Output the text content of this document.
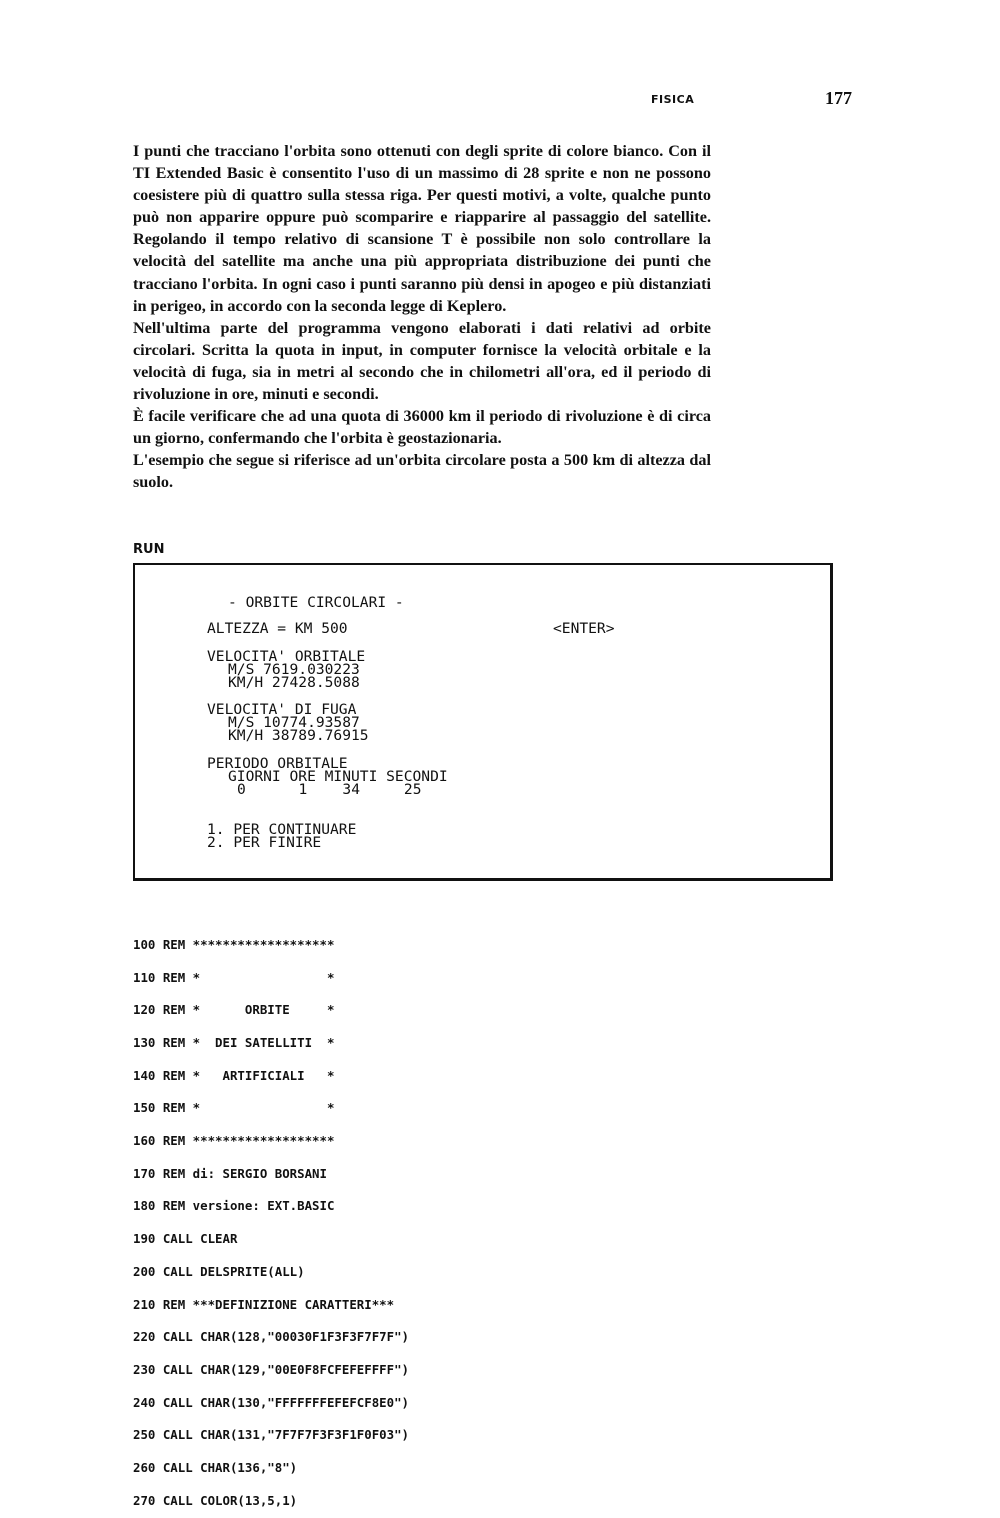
FISICA	177

I punti che tracciano l'orbita sono ottenuti con degli sprite di colore bianco. Con il TI Extended Basic è consentito l'uso di un massimo di 28 sprite e non ne possono coesistere più di quattro sulla stessa riga. Per questi motivi, a volte, qualche punto può non apparire oppure può scomparire e riapparire al passaggio del satellite. Regolando il tempo relativo di scansione T è possibile non solo controllare la velocità del satellite ma anche una più appropriata distribuzione dei punti che tracciano l'orbita. In ogni caso i punti saranno più densi in apogeo e più distanziati in perigeo, in accordo con la seconda legge di Keplero.

Nell'ultima parte del programma vengono elaborati i dati relativi ad orbite circolari. Scritta la quota in input, in computer fornisce la velocità orbitale e la velocità di fuga, sia in metri al secondo che in chilometri all'ora, ed il periodo di rivoluzione in ore, minuti e secondi.

È facile verificare che ad una quota di 36000 km il periodo di rivoluzione è di circa un giorno, confermando che l'orbita è geostazionaria.

L'esempio che segue si riferisce ad un'orbita circolare posta a 500 km di altezza dal suolo.

RUN
- ORBITE CIRCOLARI -
ALTEZZA = KM 500	<ENTER>
VELOCITA' ORBITALE
M/S 7619.030223
KM/H 27428.5088
VELOCITA' DI FUGA
M/S 10774.93587
KM/H 38789.76915
PERIODO ORBITALE
GIORNI ORE MINUTI SECONDI
0      1    34     25
1. PER CONTINUARE
2. PER FINIRE

100 REM *******************

110 REM *                 *

120 REM *      ORBITE     *

130 REM *  DEI SATELLITI  *

140 REM *   ARTIFICIALI   *

150 REM *                 *

160 REM *******************

170 REM di: SERGIO BORSANI

180 REM versione: EXT.BASIC

190 CALL CLEAR

200 CALL DELSPRITE(ALL)

210 REM ***DEFINIZIONE CARATTERI***

220 CALL CHAR(128,"00030F1F3F3F7F7F")

230 CALL CHAR(129,"00E0F8FCFEFEFFFF")

240 CALL CHAR(130,"FFFFFFFEFEFCF8E0")

250 CALL CHAR(131,"7F7F7F3F3F1F0F03")

260 CALL CHAR(136,"8")

270 CALL COLOR(13,5,1)
